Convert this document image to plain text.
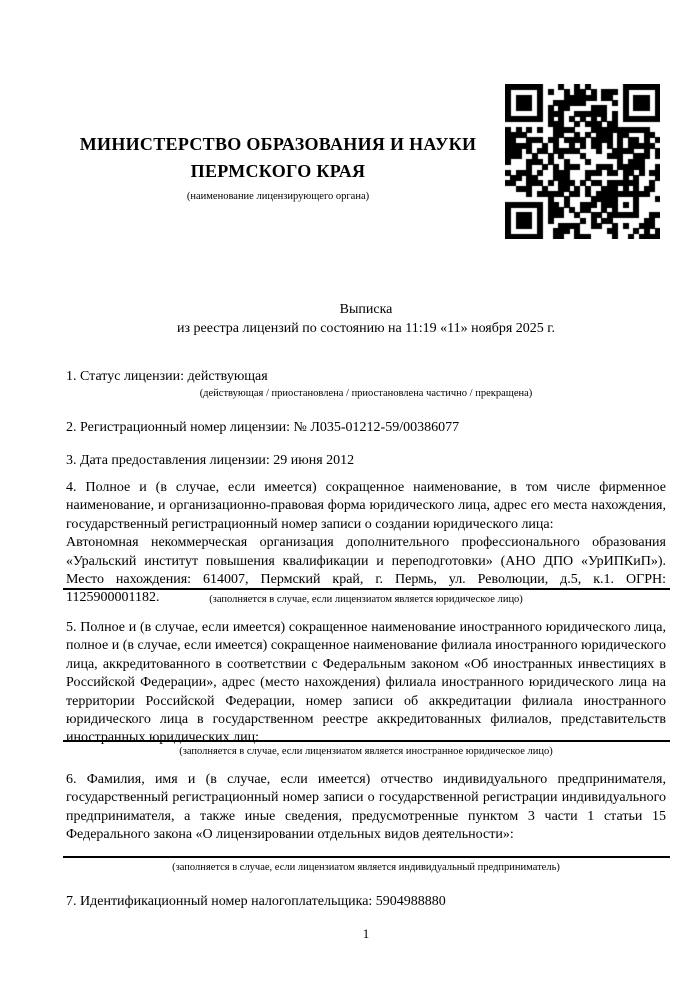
МИНИСТЕРСТВО ОБРАЗОВАНИЯ И НАУКИ
ПЕРМСКОГО КРАЯ
(наименование лицензирующего органа)
Выписка
из реестра лицензий по состоянию на 11:19 «11» ноября 2025 г.
1. Статус лицензии: действующая
(действующая / приостановлена / приостановлена частично / прекращена)
2. Регистрационный номер лицензии: № Л035-01212-59/00386077
3. Дата предоставления лицензии: 29 июня 2012

4. Полное и (в случае, если имеется) сокращенное наименование, в том числе фирменное наименование, и организационно-правовая форма юридического лица, адрес его места нахождения, государственный регистрационный номер записи о создании юридического лица:

Автономная некоммерческая организация дополнительного профессионального образования «Уральский институт повышения квалификации и переподготовки» (АНО ДПО «УрИПКиП»). Место нахождения: 614007, Пермский край, г. Пермь, ул. Революции, д.5, к.1. ОГРН: 1125900001182.	(заполняется в случае, если лицензиатом является юридическое лицо)

5. Полное и (в случае, если имеется) сокращенное наименование иностранного юридического лица, полное и (в случае, если имеется) сокращенное наименование филиала иностранного юридического лица, аккредитованного в соответствии с Федеральным законом «Об иностранных инвестициях в Российской Федерации», адрес (место нахождения) филиала иностранного юридического лица на территории Российской Федерации, номер записи об аккредитации филиала иностранного юридического лица в государственном реестре аккредитованных филиалов, представительств иностранных юридических лиц:

(заполняется в случае, если лицензиатом является иностранное юридическое лицо)

6. Фамилия, имя и (в случае, если имеется) отчество индивидуального предпринимателя, государственный регистрационный номер записи о государственной регистрации индивидуального предпринимателя, а также иные сведения, предусмотренные пунктом 3 части 1 статьи 15 Федерального закона «О лицензировании отдельных видов деятельности»:

(заполняется в случае, если лицензиатом является индивидуальный предприниматель)
7. Идентификационный номер налогоплательщика: 5904988880
1
